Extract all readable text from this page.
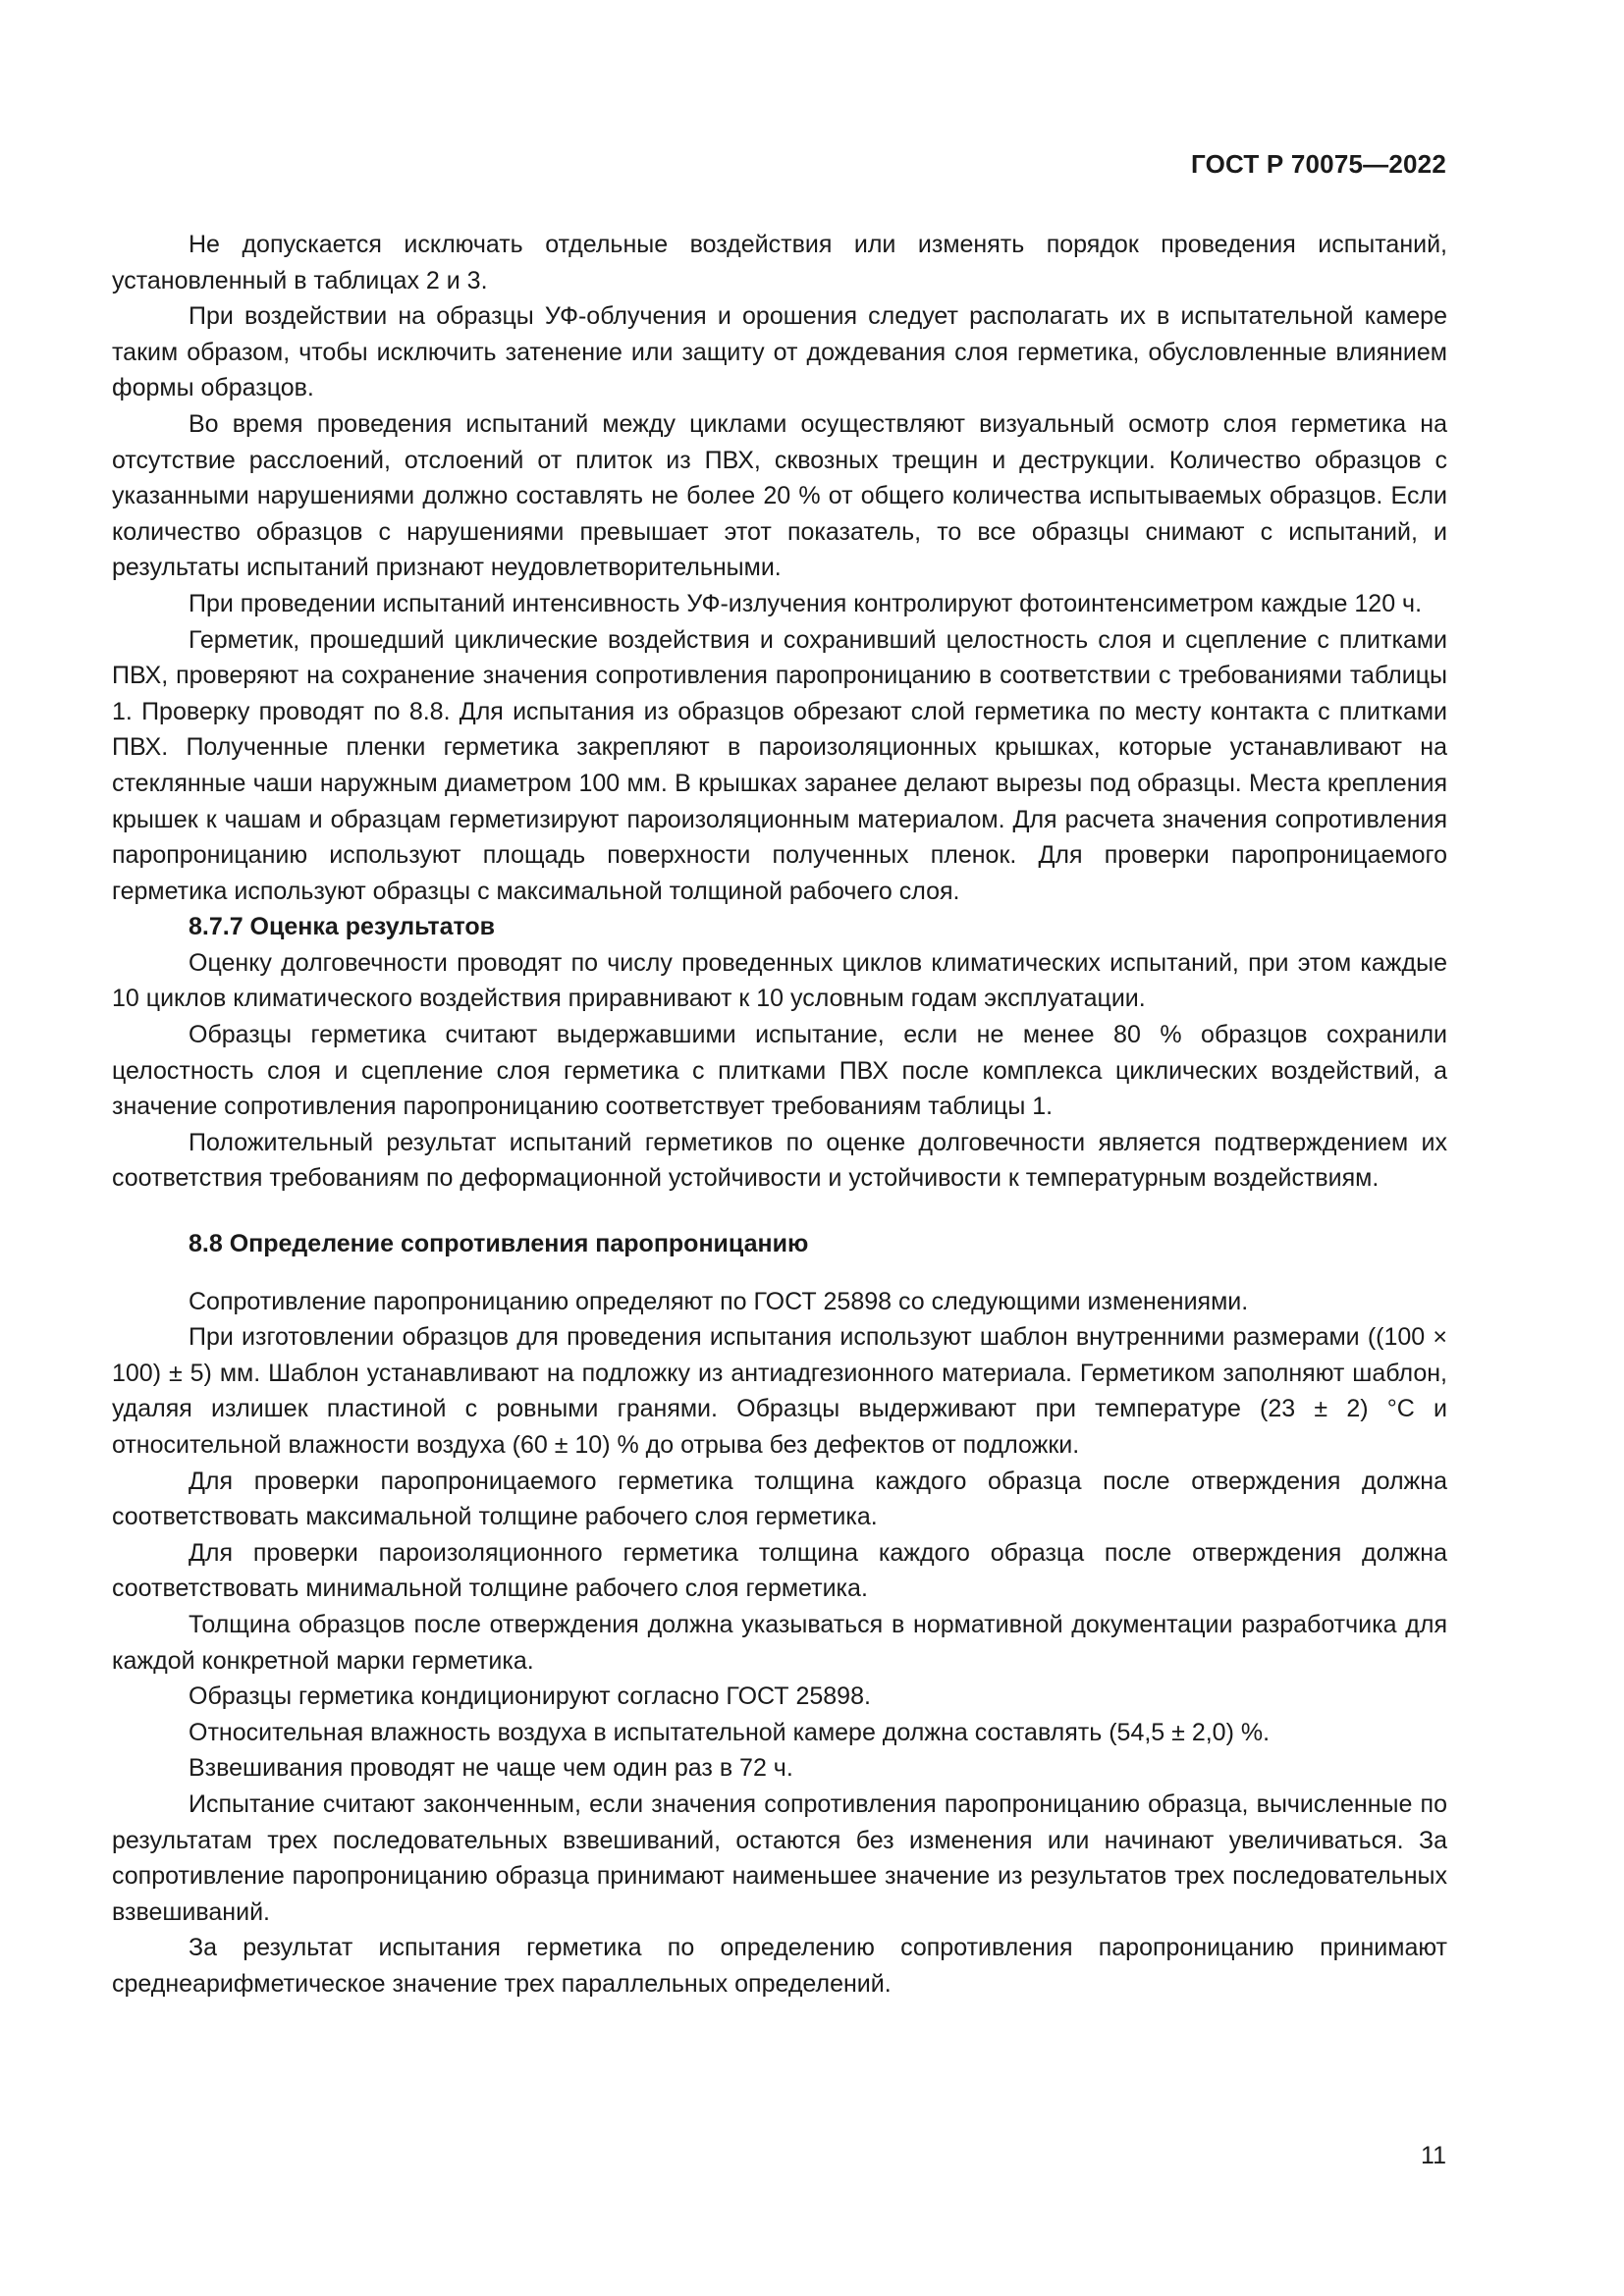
ГОСТ Р 70075—2022

Не допускается исключать отдельные воздействия или изменять порядок проведения испытаний, установленный в таблицах 2 и 3.

При воздействии на образцы УФ-облучения и орошения следует располагать их в испытательной камере таким образом, чтобы исключить затенение или защиту от дождевания слоя герметика, обусловленные влиянием формы образцов.

Во время проведения испытаний между циклами осуществляют визуальный осмотр слоя герметика на отсутствие расслоений, отслоений от плиток из ПВХ, сквозных трещин и деструкции. Количество образцов с указанными нарушениями должно составлять не более 20 % от общего количества испытываемых образцов. Если количество образцов с нарушениями превышает этот показатель, то все образцы снимают с испытаний, и результаты испытаний признают неудовлетворительными.

При проведении испытаний интенсивность УФ-излучения контролируют фотоинтенсиметром каждые 120 ч.

Герметик, прошедший циклические воздействия и сохранивший целостность слоя и сцепление с плитками ПВХ, проверяют на сохранение значения сопротивления паропроницанию в соответствии с требованиями таблицы 1. Проверку проводят по 8.8. Для испытания из образцов обрезают слой герметика по месту контакта с плитками ПВХ. Полученные пленки герметика закрепляют в пароизоляционных крышках, которые устанавливают на стеклянные чаши наружным диаметром 100 мм. В крышках заранее делают вырезы под образцы. Места крепления крышек к чашам и образцам герметизируют пароизоляционным материалом. Для расчета значения сопротивления паропроницанию используют площадь поверхности полученных пленок. Для проверки паропроницаемого герметика используют образцы с максимальной толщиной рабочего слоя.

8.7.7 Оценка результатов

Оценку долговечности проводят по числу проведенных циклов климатических испытаний, при этом каждые 10 циклов климатического воздействия приравнивают к 10 условным годам эксплуатации.

Образцы герметика считают выдержавшими испытание, если не менее 80 % образцов сохранили целостность слоя и сцепление слоя герметика с плитками ПВХ после комплекса циклических воздействий, а значение сопротивления паропроницанию соответствует требованиям таблицы 1.

Положительный результат испытаний герметиков по оценке долговечности является подтверждением их соответствия требованиям по деформационной устойчивости и устойчивости к температурным воздействиям.

8.8 Определение сопротивления паропроницанию

Сопротивление паропроницанию определяют по ГОСТ 25898 со следующими изменениями.

При изготовлении образцов для проведения испытания используют шаблон внутренними размерами ((100 × 100) ± 5) мм. Шаблон устанавливают на подложку из антиадгезионного материала. Герметиком заполняют шаблон, удаляя излишек пластиной с ровными гранями. Образцы выдерживают при температуре (23 ± 2) °С и относительной влажности воздуха (60 ± 10) % до отрыва без дефектов от подложки.

Для проверки паропроницаемого герметика толщина каждого образца после отверждения должна соответствовать максимальной толщине рабочего слоя герметика.

Для проверки пароизоляционного герметика толщина каждого образца после отверждения должна соответствовать минимальной толщине рабочего слоя герметика.

Толщина образцов после отверждения должна указываться в нормативной документации разработчика для каждой конкретной марки герметика.

Образцы герметика кондиционируют согласно ГОСТ 25898.

Относительная влажность воздуха в испытательной камере должна составлять (54,5 ± 2,0) %.

Взвешивания проводят не чаще чем один раз в 72 ч.

Испытание считают законченным, если значения сопротивления паропроницанию образца, вычисленные по результатам трех последовательных взвешиваний, остаются без изменения или начинают увеличиваться. За сопротивление паропроницанию образца принимают наименьшее значение из результатов трех последовательных взвешиваний.

За результат испытания герметика по определению сопротивления паропроницанию принимают среднеарифметическое значение трех параллельных определений.

11
